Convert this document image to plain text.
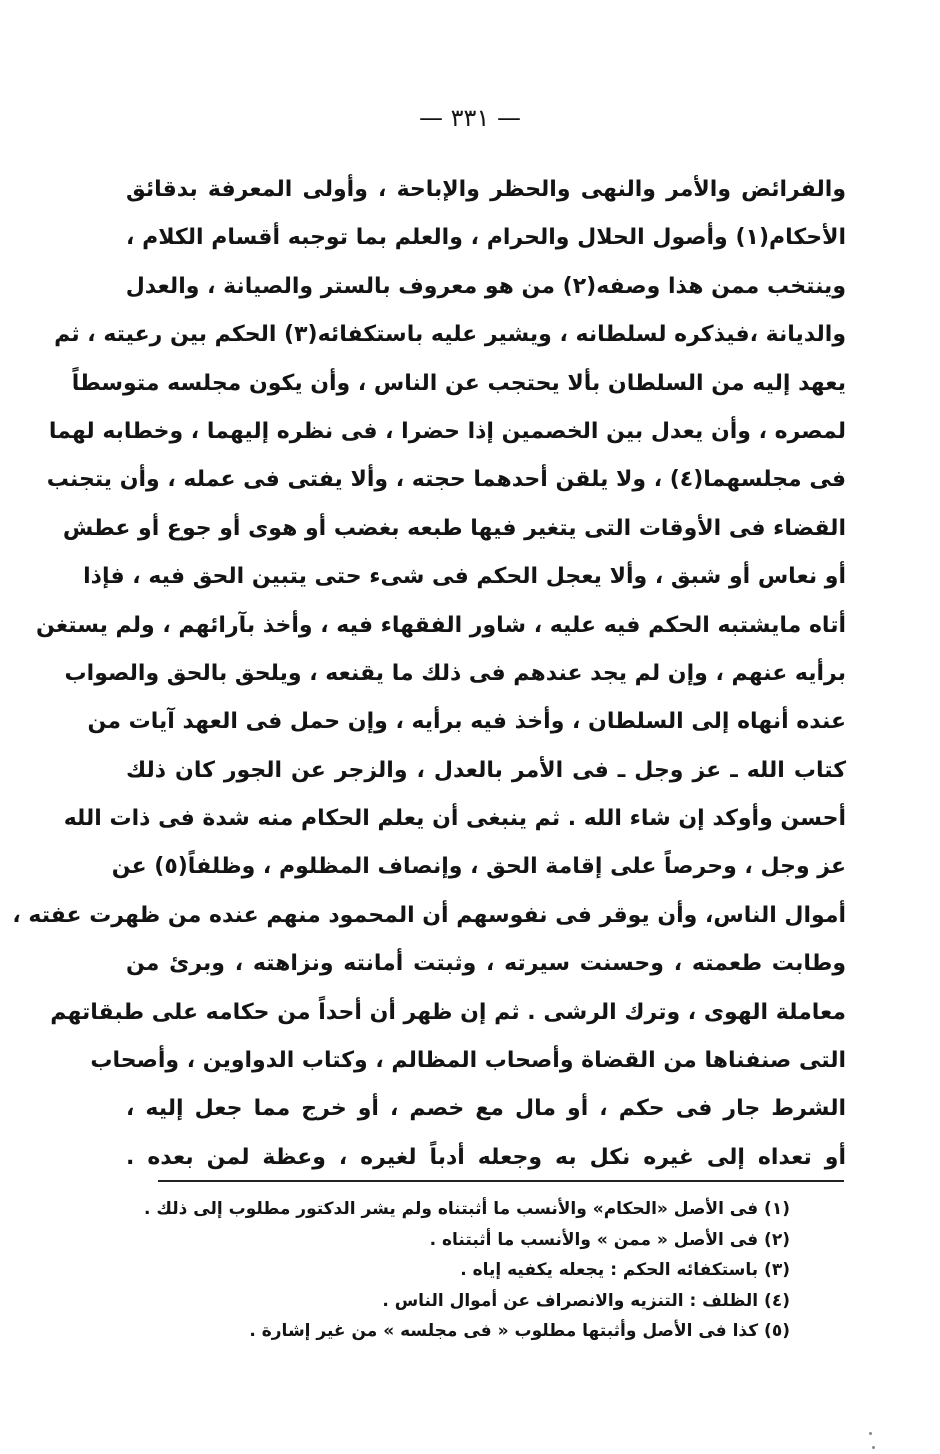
— ٣٣١ —
والفرائض والأمر والنهى والحظر والإباحة ، وأولى المعرفة بدقائق
الأحكام(١) وأصول الحلال والحرام ، والعلم بما توجبه أقسام الكلام ،
وينتخب ممن هذا وصفه(٢) من هو معروف بالستر والصيانة ، والعدل
والديانة ،فيذكره لسلطانه ، ويشير عليه باستكفائه(٣) الحكم بين رعيته ، ثم
يعهد إليه من السلطان بألا يحتجب عن الناس ، وأن يكون مجلسه متوسطاً
لمصره ، وأن يعدل بين الخصمين إذا حضرا ، فى نظره إليهما ، وخطابه لهما
فى مجلسهما(٤) ، ولا يلقن أحدهما حجته ، وألا يفتى فى عمله ، وأن يتجنب
القضاء فى الأوقات التى يتغير فيها طبعه بغضب أو هوى أو جوع أو عطش
أو نعاس أو شبق ، وألا يعجل الحكم فى شىء حتى يتبين الحق فيه ، فإذا
أتاه مايشتبه الحكم فيه عليه ، شاور الفقهاء فيه ، وأخذ بآرائهم ، ولم يستغن
برأيه عنهم ، وإن لم يجد عندهم فى ذلك ما يقنعه ، ويلحق بالحق والصواب
عنده أنهاه إلى السلطان ، وأخذ فيه برأيه ، وإن حمل فى العهد آيات من
كتاب الله ـ عز وجل ـ فى الأمر بالعدل ، والزجر عن الجور كان ذلك
أحسن وأوكد إن شاء الله . ثم ينبغى أن يعلم الحكام منه شدة فى ذات الله
عز وجل ، وحرصاً على إقامة الحق ، وإنصاف المظلوم ، وظلفاً(٥) عن
أموال الناس، وأن يوقر فى نفوسهم أن المحمود منهم عنده من ظهرت عفته ،
وطابت طعمته ، وحسنت سيرته ، وثبتت أمانته ونزاهته ، وبرئ من
معاملة الهوى ، وترك الرشى . ثم إن ظهر أن أحداً من حكامه على طبقاتهم
التى صنفناها من القضاة وأصحاب المظالم ، وكتاب الدواوين ، وأصحاب
الشرط جار فى حكم ، أو مال مع خصم ، أو خرج مما جعل إليه ،
أو تعداه إلى غيره نكل به وجعله أدباً لغيره ، وعظة لمن بعده .
(١) فى الأصل «الحكام» والأنسب ما أثبتناه ولم يشر الدكتور مطلوب إلى ذلك .
(٢) فى الأصل « ممن » والأنسب ما أثبتناه .
(٣) باستكفائه الحكم : يجعله يكفيه إياه .
(٤) الظلف : التنزيه والانصراف عن أموال الناس .
(٥) كذا فى الأصل وأثبتها مطلوب « فى مجلسه » من غير إشارة .
